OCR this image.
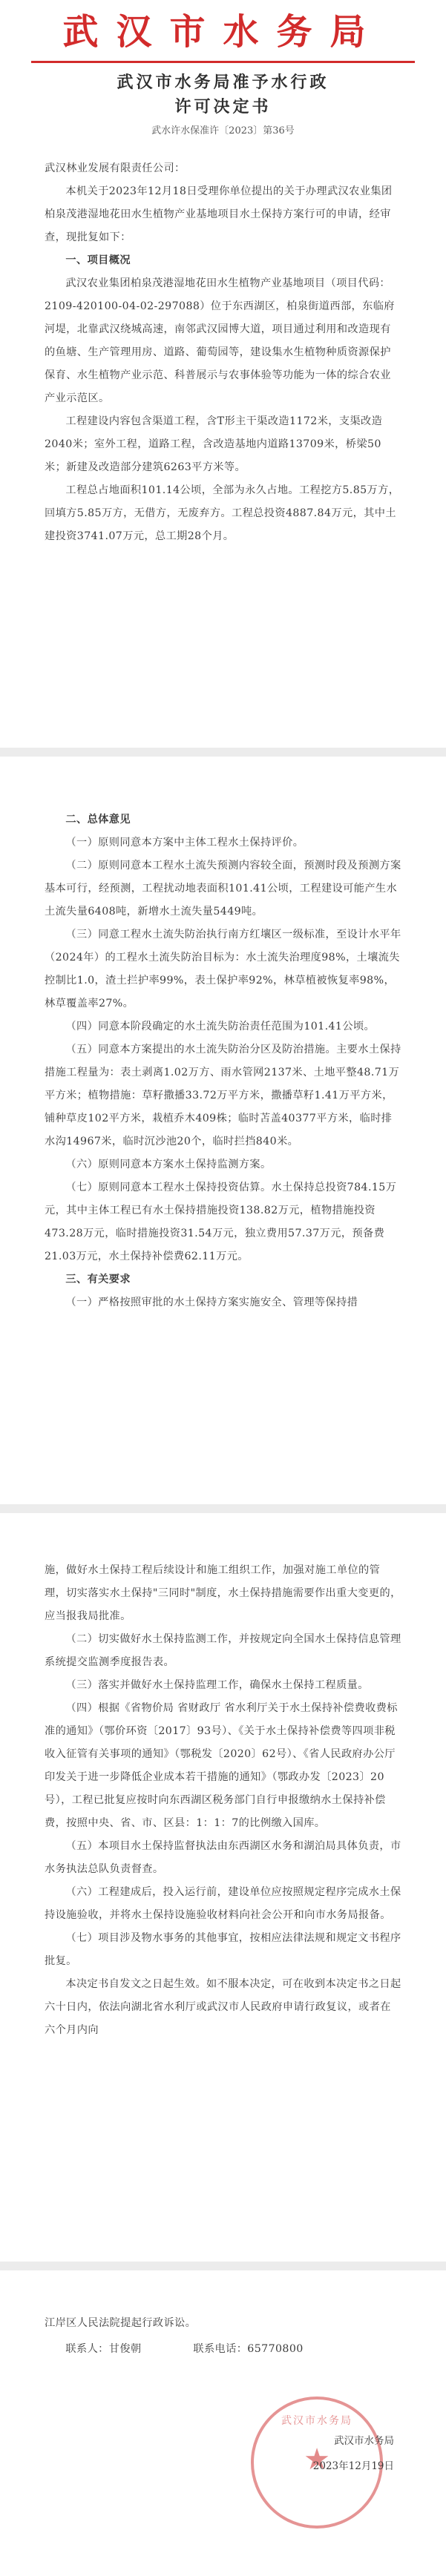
武汉市水务局
武汉市水务局准予水行政
许可决定书
武水许水保准许〔2023〕第36号

武汉林业发展有限责任公司：

本机关于2023年12月18日受理你单位提出的关于办理武汉农业集团柏泉茂港湿地花田水生植物产业基地项目水土保持方案行可的申请，经审查，现批复如下：

一、项目概况

武汉农业集团柏泉茂港湿地花田水生植物产业基地项目（项目代码：2109-420100-04-02-297088）位于东西湖区，柏泉街道西部，东临府河堤，北靠武汉绕城高速，南邻武汉园博大道，项目通过利用和改造现有的鱼塘、生产管理用房、道路、葡萄园等，建设集水生植物种质资源保护保育、水生植物产业示范、科普展示与农事体验等功能为一体的综合农业产业示范区。

工程建设内容包含渠道工程，含T形主干渠改造1172米，支渠改造2040米；室外工程，道路工程，含改造基地内道路13709米，桥梁50米；新建及改造部分建筑6263平方米等。

工程总占地面积101.14公顷，全部为永久占地。工程挖方5.85万方，回填方5.85万方，无借方，无废弃方。工程总投资4887.84万元，其中土建投资3741.07万元，总工期28个月。

二、总体意见

（一）原则同意本方案中主体工程水土保持评价。

（二）原则同意本工程水土流失预测内容较全面，预测时段及预测方案基本可行，经预测，工程扰动地表面积101.41公顷，工程建设可能产生水土流失量6408吨，新增水土流失量5449吨。

（三）同意工程水土流失防治执行南方红壤区一级标准，至设计水平年（2024年）的工程水土流失防治目标为：水土流失治理度98%，土壤流失控制比1.0，渣土拦护率99%，表土保护率92%，林草植被恢复率98%，林草覆盖率27%。

（四）同意本阶段确定的水土流失防治责任范围为101.41公顷。

（五）同意本方案提出的水土流失防治分区及防治措施。主要水土保持措施工程量为：表土剥离1.02万方、雨水管网2137米、土地平整48.71万平方米；植物措施：草籽撒播33.72万平方米，撒播草籽1.41万平方米，铺种草皮102平方米，栽植乔木409株；临时苫盖40377平方米，临时排水沟14967米，临时沉沙池20个，临时拦挡840米。

（六）原则同意本方案水土保持监测方案。

（七）原则同意本工程水土保持投资估算。水土保持总投资784.15万元，其中主体工程已有水土保持措施投资138.82万元，植物措施投资473.28万元，临时措施投资31.54万元，独立费用57.37万元，预备费21.03万元，水土保持补偿费62.11万元。

三、有关要求

（一）严格按照审批的水土保持方案实施安全、管理等保持措

施，做好水土保持工程后续设计和施工组织工作，加强对施工单位的管理，切实落实水土保持"三同时"制度，水土保持措施需要作出重大变更的，应当报我局批准。

（二）切实做好水土保持监测工作，并按规定向全国水土保持信息管理系统提交监测季度报告表。

（三）落实并做好水土保持监理工作，确保水土保持工程质量。

（四）根据《省物价局 省财政厅 省水利厅关于水土保持补偿费收费标准的通知》（鄂价环资〔2017〕93号）、《关于水土保持补偿费等四项非税收入征管有关事项的通知》（鄂税发〔2020〕62号）、《省人民政府办公厅印发关于进一步降低企业成本若干措施的通知》（鄂政办发〔2023〕20号），工程已批复应按时向东西湖区税务部门自行申报缴纳水土保持补偿费，按照中央、省、市、区县：1：1：7的比例缴入国库。

（五）本项目水土保持监督执法由东西湖区水务和湖泊局具体负责，市水务执法总队负责督查。

（六）工程建成后，投入运行前，建设单位应按照规定程序完成水土保持设施验收，并将水土保持设施验收材料向社会公开和向市水务局报备。

（七）项目涉及物水事务的其他事宜，按相应法律法规和规定文书程序批复。

本决定书自发文之日起生效。如不服本决定，可在收到本决定书之日起六十日内，依法向湖北省水利厅或武汉市人民政府申请行政复议，或者在六个月内向

江岸区人民法院提起行政诉讼。

联系人：甘俊朝	联系电话：65770800

武汉市水务局
★
武汉市水务局
2023年12月19日
